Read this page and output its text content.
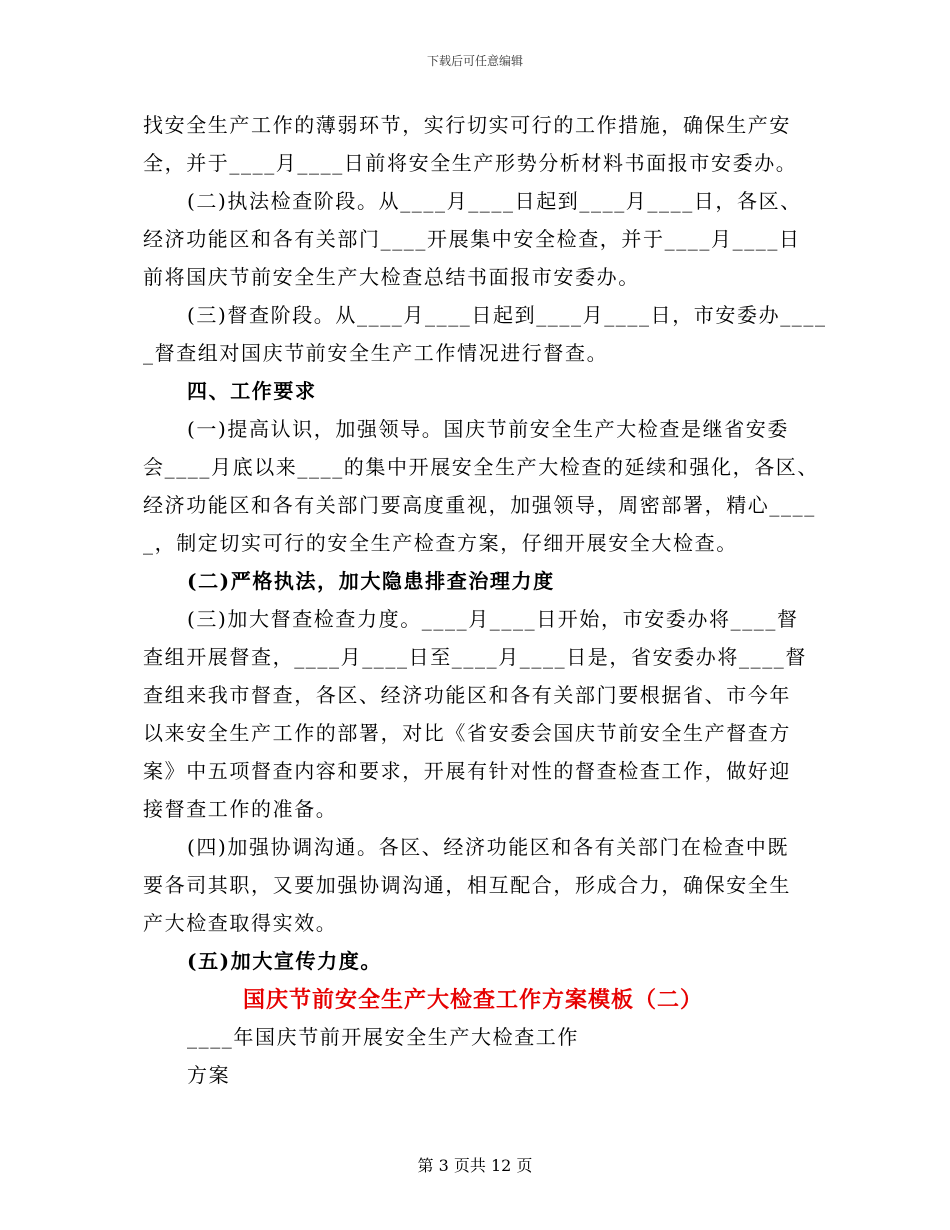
下载后可任意编辑
找安全生产工作的薄弱环节，实行切实可行的工作措施，确保生产安
全，并于____月____日前将安全生产形势分析材料书面报市安委办。
(二)执法检查阶段。从____月____日起到____月____日，各区、
经济功能区和各有关部门____开展集中安全检查，并于____月____日
前将国庆节前安全生产大检查总结书面报市安委办。
(三)督查阶段。从____月____日起到____月____日，市安委办____
_督查组对国庆节前安全生产工作情况进行督查。
四、工作要求
(一)提高认识，加强领导。国庆节前安全生产大检查是继省安委
会____月底以来____的集中开展安全生产大检查的延续和强化，各区、
经济功能区和各有关部门要高度重视，加强领导，周密部署，精心____
_，制定切实可行的安全生产检查方案，仔细开展安全大检查。
(二)严格执法，加大隐患排查治理力度
(三)加大督查检查力度。____月____日开始，市安委办将____督
查组开展督查，____月____日至____月____日是，省安委办将____督
查组来我市督查，各区、经济功能区和各有关部门要根据省、市今年
以来安全生产工作的部署，对比《省安委会国庆节前安全生产督查方
案》中五项督查内容和要求，开展有针对性的督查检查工作，做好迎
接督查工作的准备。
(四)加强协调沟通。各区、经济功能区和各有关部门在检查中既
要各司其职，又要加强协调沟通，相互配合，形成合力，确保安全生
产大检查取得实效。
(五)加大宣传力度。
国庆节前安全生产大检查工作方案模板（二）
____年国庆节前开展安全生产大检查工作
方案
第 3 页共 12 页
